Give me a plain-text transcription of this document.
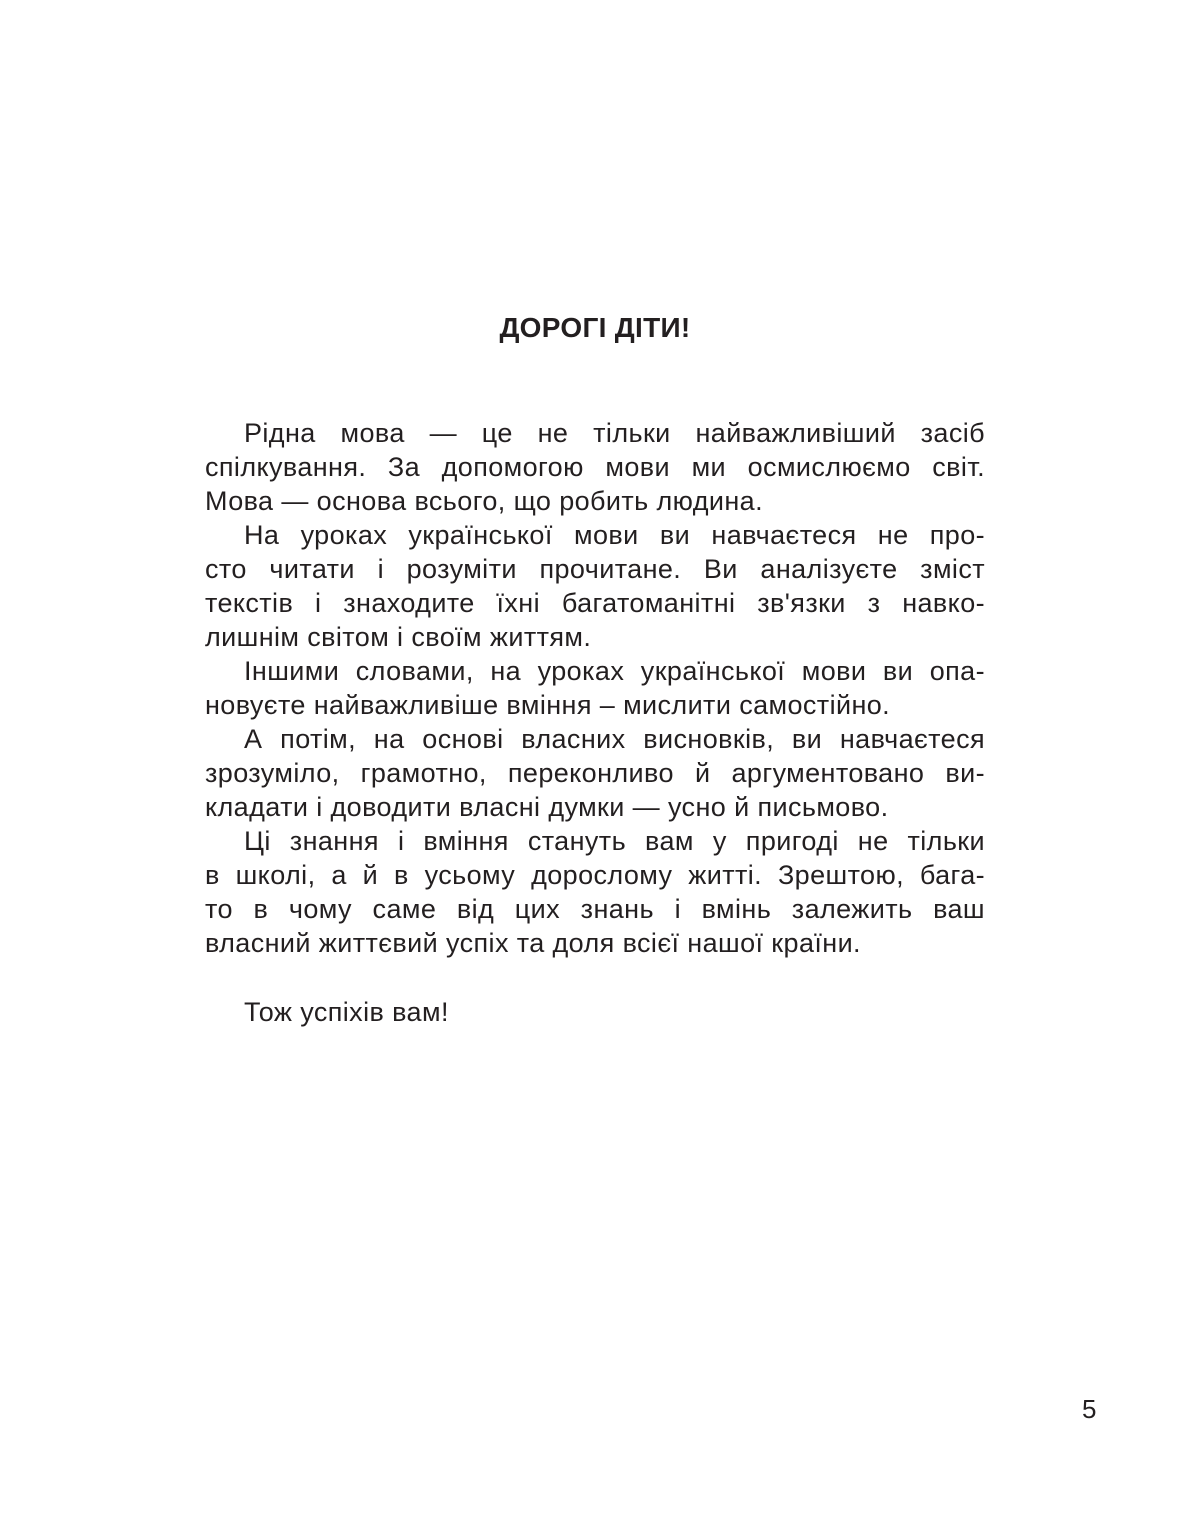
ДОРОГІ ДІТИ!
Рідна мова — це не тільки найважливіший засіб
спілкування. За допомогою мови ми осмислюємо світ.
Мова — основа всього, що робить людина.
На уроках української мови ви навчаєтеся не про-
сто читати і розуміти прочитане. Ви аналізуєте зміст
текстів і знаходите їхні багатоманітні зв'язки з навко-
лишнім світом і своїм життям.
Іншими словами, на уроках української мови ви опа-
новуєте найважливіше вміння – мислити самостійно.
А потім, на основі власних висновків, ви навчаєтеся
зрозуміло, грамотно, переконливо й аргументовано ви-
кладати і доводити власні думки — усно й письмово.
Ці знання і вміння стануть вам у пригоді не тільки
в школі, а й в усьому дорослому житті. Зрештою, бага-
то в чому саме від цих знань і вмінь залежить ваш
власний життєвий успіх та доля всієї нашої країни.
Тож успіхів вам!
5
